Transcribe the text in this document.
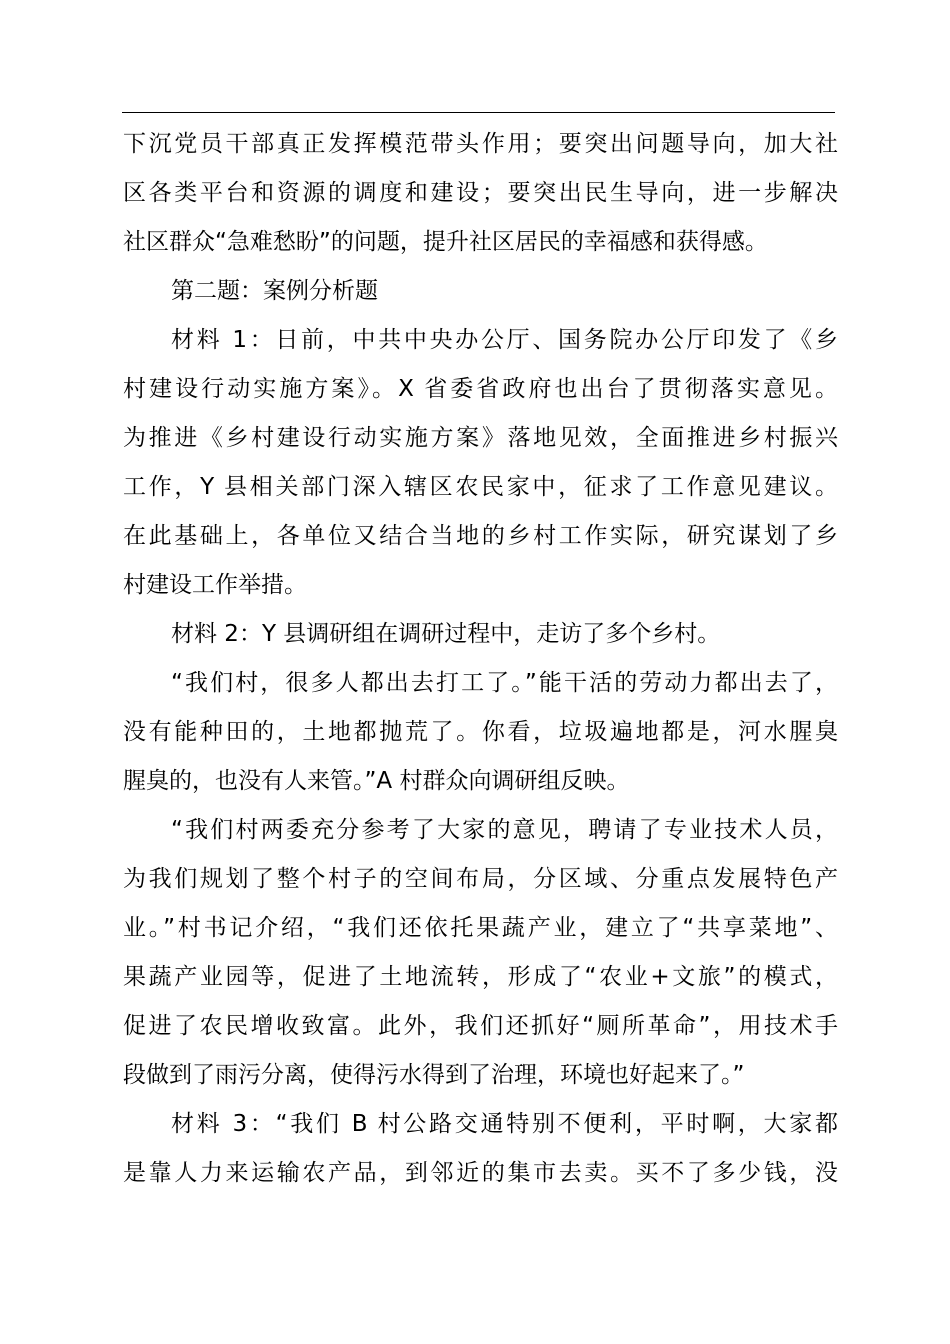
下沉党员干部真正发挥模范带头作用；要突出问题导向，加大社
区各类平台和资源的调度和建设；要突出民生导向，进一步解决
社区群众“急难愁盼”的问题，提升社区居民的幸福感和获得感。
第二题：案例分析题
材料 1：日前，中共中央办公厅、国务院办公厅印发了《乡
村建设行动实施方案》。X 省委省政府也出台了贯彻落实意见。
为推进《乡村建设行动实施方案》落地见效，全面推进乡村振兴
工作，Y 县相关部门深入辖区农民家中，征求了工作意见建议。
在此基础上，各单位又结合当地的乡村工作实际，研究谋划了乡
村建设工作举措。
材料 2：Y 县调研组在调研过程中，走访了多个乡村。
“我们村，很多人都出去打工了。”能干活的劳动力都出去了，
没有能种田的，土地都抛荒了。你看，垃圾遍地都是，河水腥臭
腥臭的，也没有人来管。”A 村群众向调研组反映。
“我们村两委充分参考了大家的意见，聘请了专业技术人员，
为我们规划了整个村子的空间布局，分区域、分重点发展特色产
业。”村书记介绍，“我们还依托果蔬产业，建立了“共享菜地”、
果蔬产业园等，促进了土地流转，形成了“农业+文旅”的模式，
促进了农民增收致富。此外，我们还抓好“厕所革命”，用技术手
段做到了雨污分离，使得污水得到了治理，环境也好起来了。”
材料 3：“我们 B 村公路交通特别不便利，平时啊，大家都
是靠人力来运输农产品，到邻近的集市去卖。买不了多少钱，没
